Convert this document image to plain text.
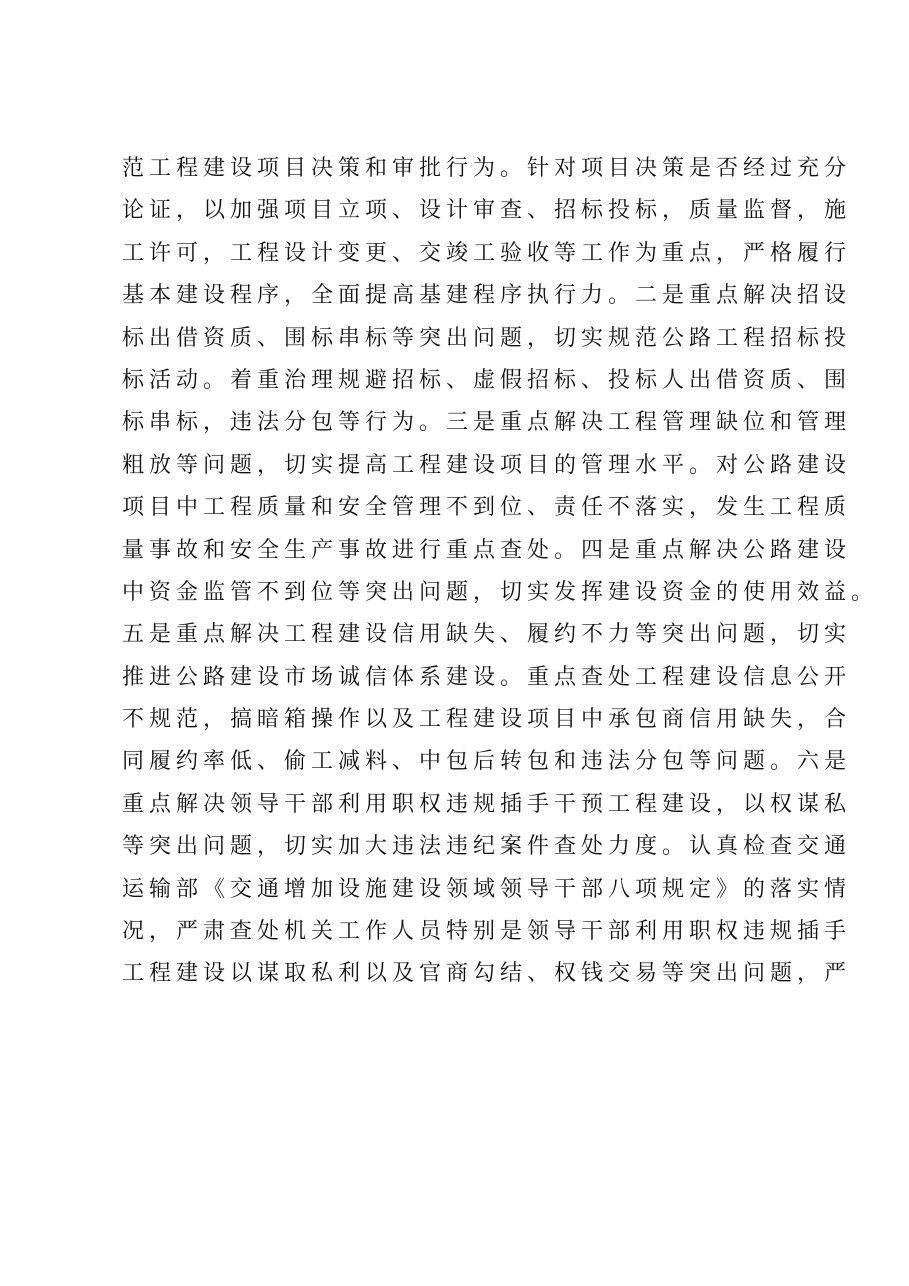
范工程建设项目决策和审批行为。针对项目决策是否经过充分
论证，以加强项目立项、设计审查、招标投标，质量监督，施
工许可，工程设计变更、交竣工验收等工作为重点，严格履行
基本建设程序，全面提高基建程序执行力。二是重点解决招设
标出借资质、围标串标等突出问题，切实规范公路工程招标投
标活动。着重治理规避招标、虚假招标、投标人出借资质、围
标串标，违法分包等行为。三是重点解决工程管理缺位和管理
粗放等问题，切实提高工程建设项目的管理水平。对公路建设
项目中工程质量和安全管理不到位、责任不落实，发生工程质
量事故和安全生产事故进行重点查处。四是重点解决公路建设
中资金监管不到位等突出问题，切实发挥建设资金的使用效益。
五是重点解决工程建设信用缺失、履约不力等突出问题，切实
推进公路建设市场诚信体系建设。重点查处工程建设信息公开
不规范，搞暗箱操作以及工程建设项目中承包商信用缺失，合
同履约率低、偷工减料、中包后转包和违法分包等问题。六是
重点解决领导干部利用职权违规插手干预工程建设，以权谋私
等突出问题，切实加大违法违纪案件查处力度。认真检查交通
运输部《交通增加设施建设领域领导干部八项规定》的落实情
况，严肃查处机关工作人员特别是领导干部利用职权违规插手
工程建设以谋取私利以及官商勾结、权钱交易等突出问题，严
